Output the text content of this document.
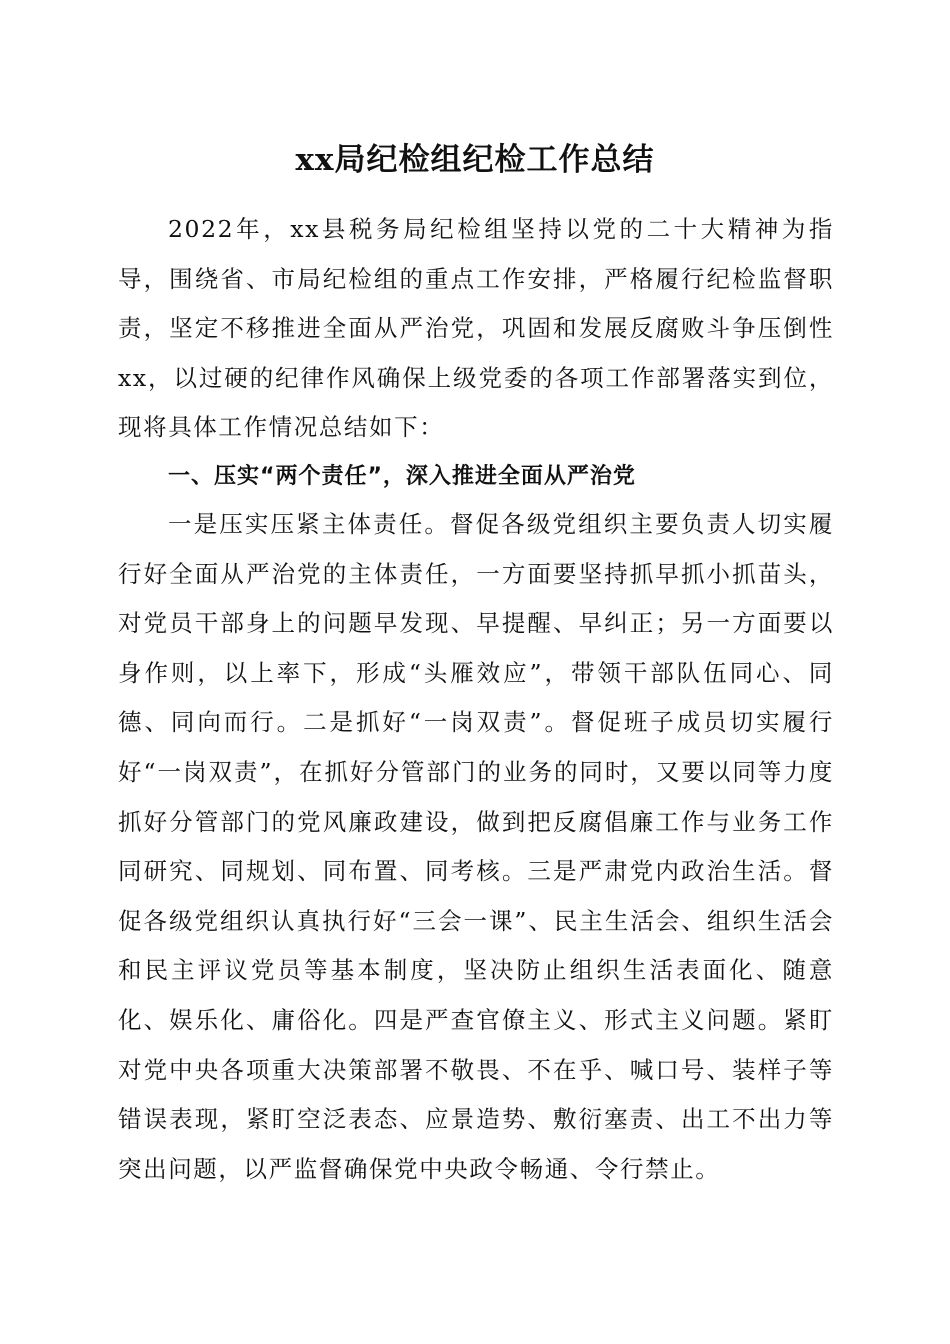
xx局纪检组纪检工作总结

2022年，xx县税务局纪检组坚持以党的二十大精神为指导，围绕省、市局纪检组的重点工作安排，严格履行纪检监督职责，坚定不移推进全面从严治党，巩固和发展反腐败斗争压倒性xx，以过硬的纪律作风确保上级党委的各项工作部署落实到位，现将具体工作情况总结如下：

一、压实“两个责任”，深入推进全面从严治党

一是压实压紧主体责任。督促各级党组织主要负责人切实履行好全面从严治党的主体责任，一方面要坚持抓早抓小抓苗头，对党员干部身上的问题早发现、早提醒、早纠正；另一方面要以身作则，以上率下，形成“头雁效应”，带领干部队伍同心、同德、同向而行。二是抓好“一岗双责”。督促班子成员切实履行好“一岗双责”，在抓好分管部门的业务的同时，又要以同等力度抓好分管部门的党风廉政建设，做到把反腐倡廉工作与业务工作同研究、同规划、同布置、同考核。三是严肃党内政治生活。督促各级党组织认真执行好“三会一课”、民主生活会、组织生活会和民主评议党员等基本制度，坚决防止组织生活表面化、随意化、娱乐化、庸俗化。四是严查官僚主义、形式主义问题。紧盯对党中央各项重大决策部署不敬畏、不在乎、喊口号、装样子等错误表现，紧盯空泛表态、应景造势、敷衍塞责、出工不出力等突出问题，以严监督确保党中央政令畅通、令行禁止。
